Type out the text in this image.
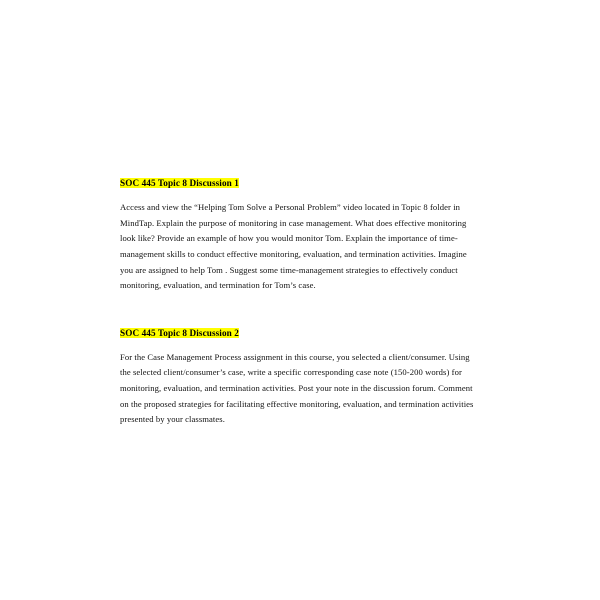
SOC 445 Topic 8 Discussion 1

Access and view the “Helping Tom Solve a Personal Problem” video located in Topic 8 folder in MindTap. Explain the purpose of monitoring in case management. What does effective monitoring look like? Provide an example of how you would monitor Tom. Explain the importance of time-management skills to conduct effective monitoring, evaluation, and termination activities. Imagine you are assigned to help Tom . Suggest some time-management strategies to effectively conduct monitoring, evaluation, and termination for Tom’s case.

SOC 445 Topic 8 Discussion 2

For the Case Management Process assignment in this course, you selected a client/consumer. Using the selected client/consumer’s case, write a specific corresponding case note (150-200 words) for monitoring, evaluation, and termination activities. Post your note in the discussion forum. Comment on the proposed strategies for facilitating effective monitoring, evaluation, and termination activities presented by your classmates.
